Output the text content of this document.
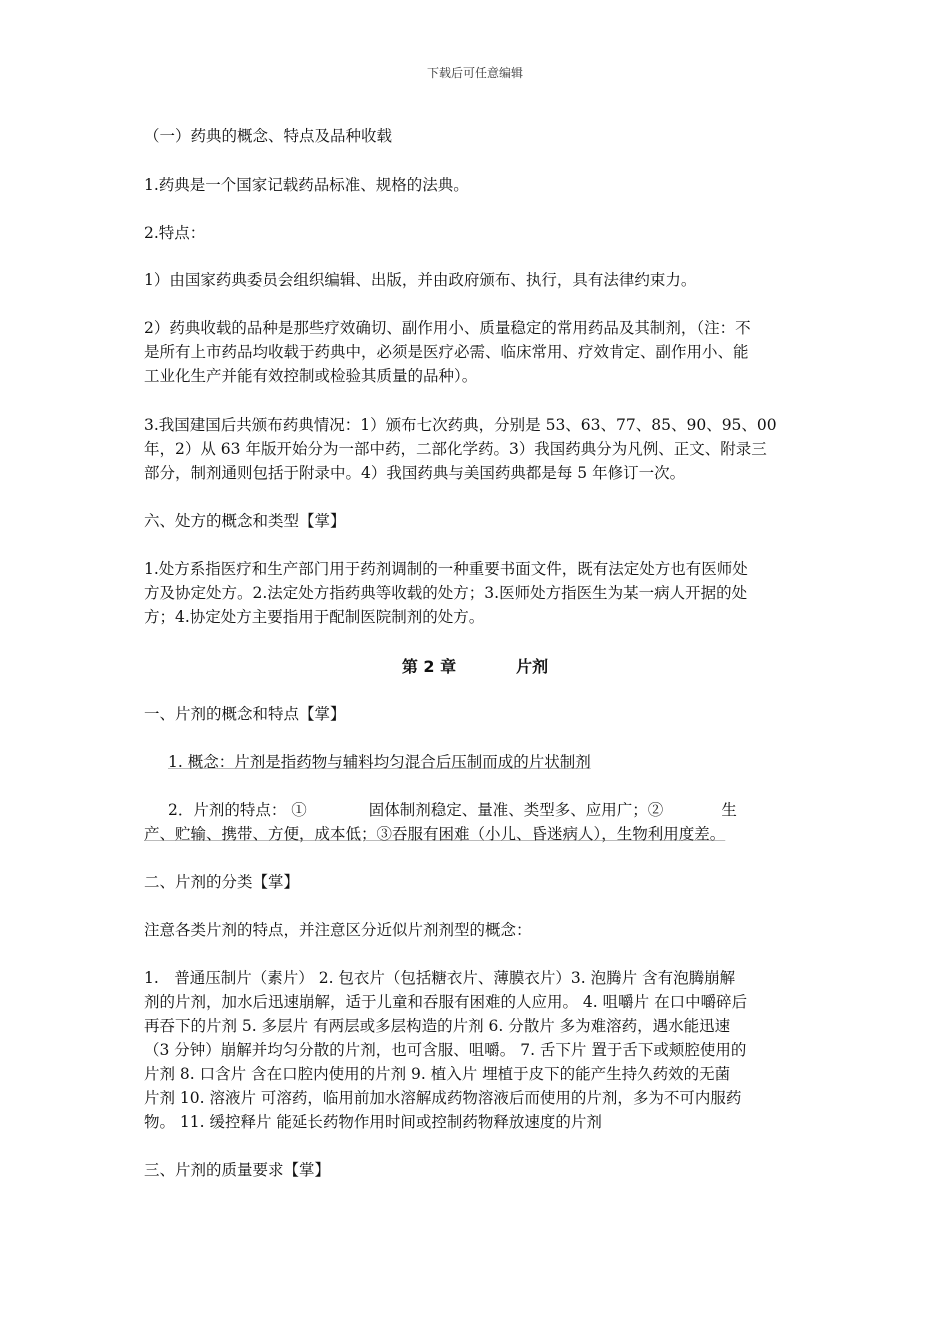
下载后可任意编辑
（一）药典的概念、特点及品种收载
1.药典是一个国家记载药品标准、规格的法典。
2.特点：
1）由国家药典委员会组织编辑、出版，并由政府颁布、执行，具有法律约束力。
2）药典收载的品种是那些疗效确切、副作用小、质量稳定的常用药品及其制剂，（注：不
是所有上市药品均收载于药典中，必须是医疗必需、临床常用、疗效肯定、副作用小、能
工业化生产并能有效控制或检验其质量的品种）。
3.我国建国后共颁布药典情况：1）颁布七次药典，分别是 53、63、77、85、90、95、00
年，2）从 63 年版开始分为一部中药，二部化学药。3）我国药典分为凡例、正文、附录三
部分，制剂通则包括于附录中。4）我国药典与美国药典都是每 5 年修订一次。
六、处方的概念和类型【掌】
1.处方系指医疗和生产部门用于药剂调制的一种重要书面文件，既有法定处方也有医师处
方及协定处方。2.法定处方指药典等收载的处方；3.医师处方指医生为某一病人开据的处
方；4.协定处方主要指用于配制医院制剂的处方。
第 2 章	片剂
一、片剂的概念和特点【掌】
1. 概念：片剂是指药物与辅料均匀混合后压制而成的片状制剂
2．片剂的特点： ①	固体制剂稳定、量准、类型多、应用广；②	生
产、贮输、携带、方便，成本低；③吞服有困难（小儿、昏迷病人），生物利用度差。
二、片剂的分类【掌】
注意各类片剂的特点，并注意区分近似片剂剂型的概念：
1.　普通压制片（素片） 2. 包衣片（包括糖衣片、薄膜衣片）3. 泡腾片 含有泡腾崩解
剂的片剂，加水后迅速崩解，适于儿童和吞服有困难的人应用。 4. 咀嚼片 在口中嚼碎后
再吞下的片剂 5. 多层片 有两层或多层构造的片剂 6. 分散片 多为难溶药，遇水能迅速
（3 分钟）崩解并均匀分散的片剂，也可含服、咀嚼。 7. 舌下片 置于舌下或颊腔使用的
片剂 8. 口含片 含在口腔内使用的片剂 9. 植入片 埋植于皮下的能产生持久药效的无菌
片剂 10. 溶液片 可溶药，临用前加水溶解成药物溶液后而使用的片剂，多为不可内服药
物。 11. 缓控释片 能延长药物作用时间或控制药物释放速度的片剂
三、片剂的质量要求【掌】
